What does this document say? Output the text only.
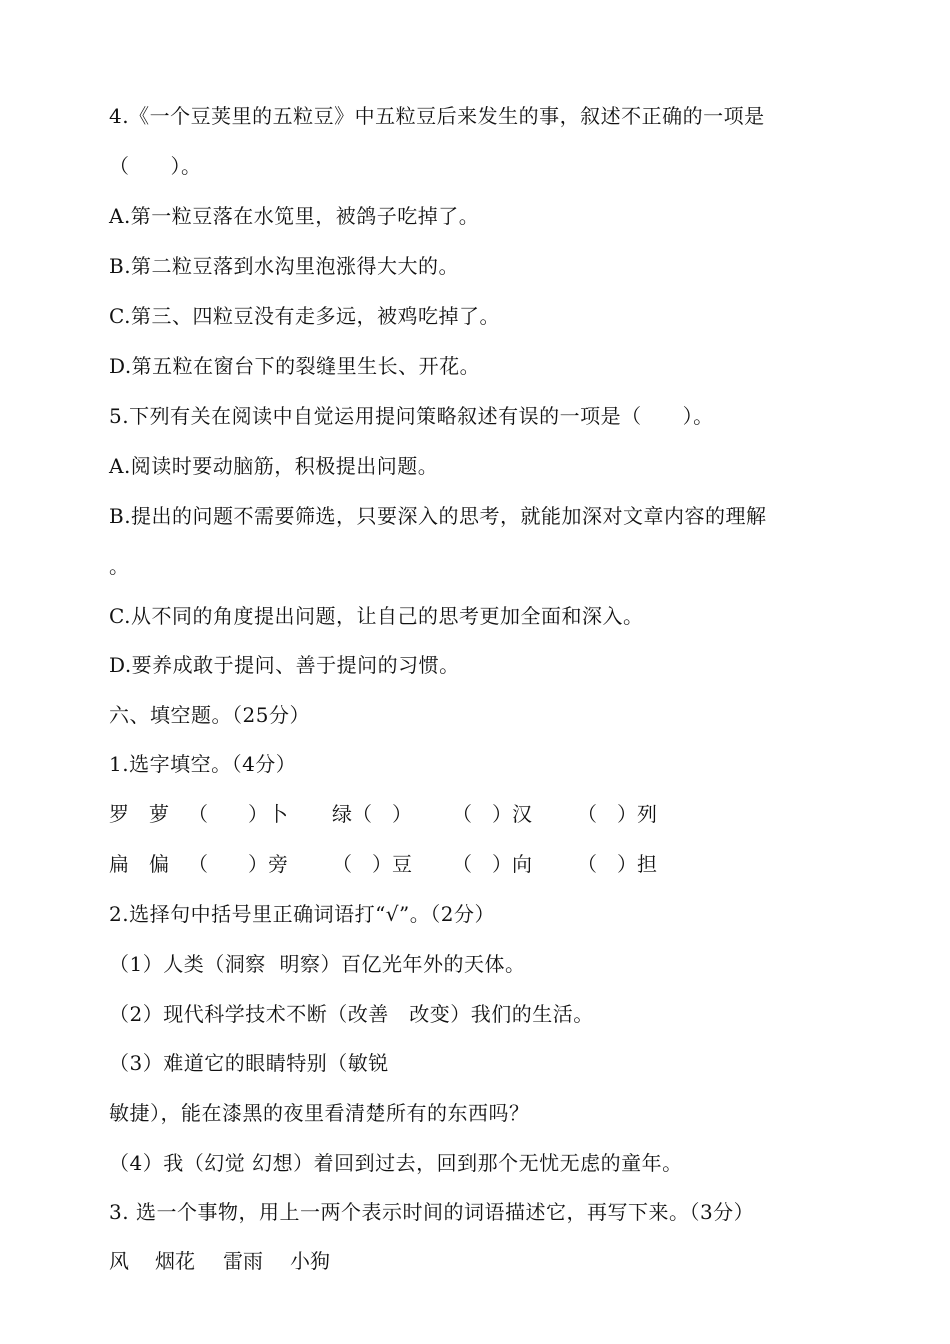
4.《一个豆荚里的五粒豆》中五粒豆后来发生的事，叙述不正确的一项是
（　　）。
A.第一粒豆落在水笕里，被鸽子吃掉了。
B.第二粒豆落到水沟里泡涨得大大的。
C.第三、四粒豆没有走多远，被鸡吃掉了。
D.第五粒在窗台下的裂缝里生长、开花。
5.下列有关在阅读中自觉运用提问策略叙述有误的一项是（　　）。
A.阅读时要动脑筋，积极提出问题。
B.提出的问题不需要筛选，只要深入的思考，就能加深对文章内容的理解
。
C.从不同的角度提出问题，让自己的思考更加全面和深入。
D.要养成敢于提问、善于提问的习惯。
六、填空题。（25分）
1.选字填空。（4分）
罗　萝 （　　）卜 绿（　） （　）汉 （　）列
扁　偏 （　　）旁 （　）豆 （　）向 （　）担
2.选择句中括号里正确词语打“√”。（2分）
（1）人类（洞察  明察）百亿光年外的天体。
（2）现代科学技术不断（改善　改变）我们的生活。
（3）难道它的眼睛特别（敏锐
敏捷），能在漆黑的夜里看清楚所有的东西吗？
（4）我（幻觉 幻想）着回到过去，回到那个无忧无虑的童年。
3. 选一个事物，用上一两个表示时间的词语描述它，再写下来。（3分）
风 烟花 雷雨 小狗
